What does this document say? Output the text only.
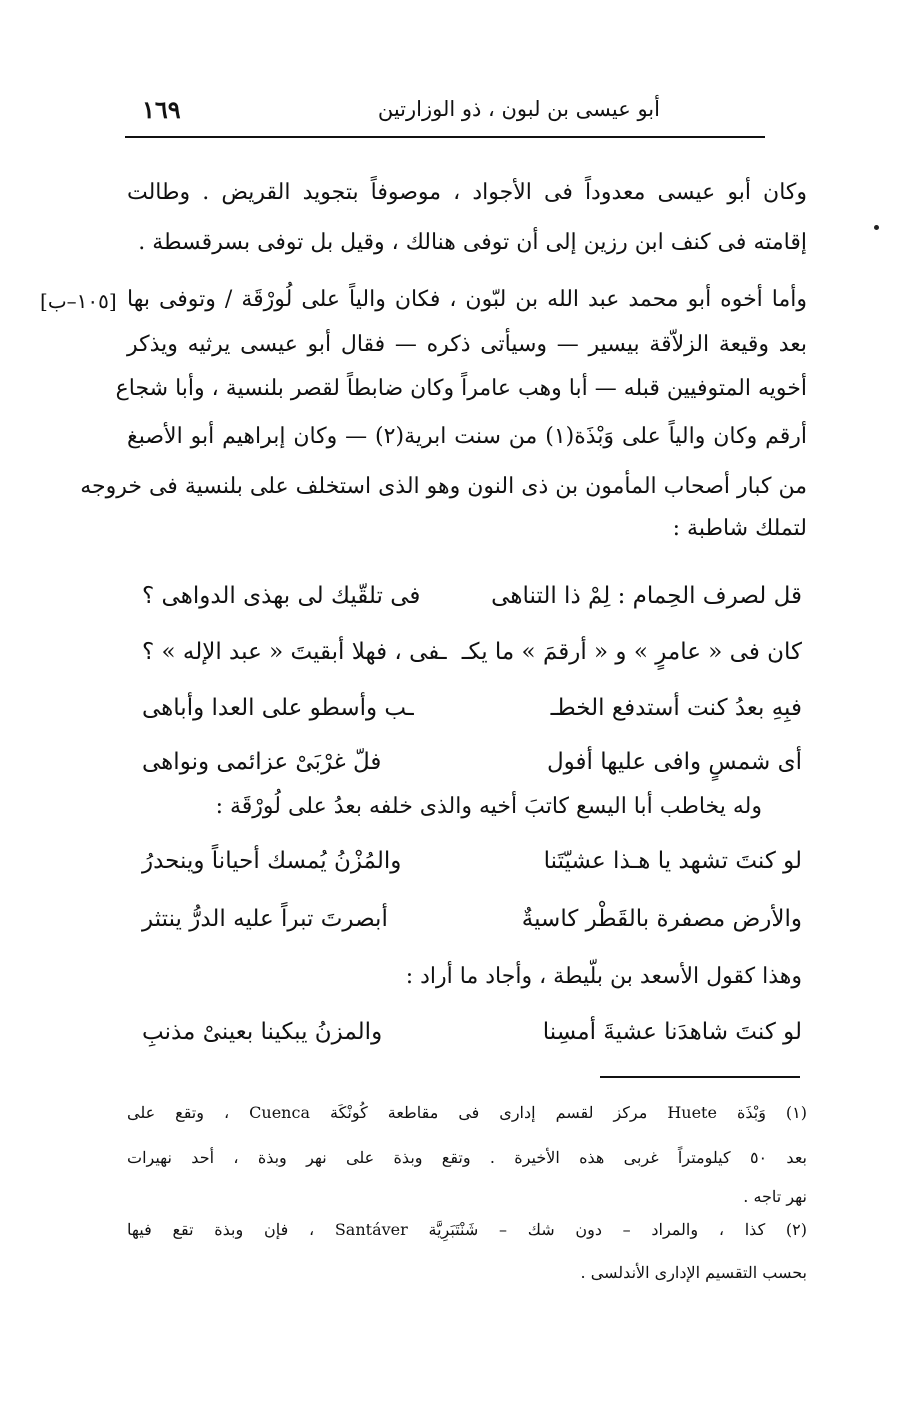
أبو عيسى بن لبون ، ذو الوزارتين
١٦٩
وكان أبو عيسى معدوداً فى الأجواد ، موصوفاً بتجويد القريض . وطالت
إقامته فى كنف ابن رزين إلى أن توفى هنالك ، وقيل بل توفى بسرقسطة .
وأما أخوه أبو محمد عبد الله بن لبّون ، فكان والياً على لُورْقَة / وتوفى بها
[١٠٥–ب]
بعد وقيعة الزلاّقة بيسير — وسيأتى ذكره — فقال أبو عيسى يرثيه ويذكر
أخويه المتوفيين قبله — أبا وهب عامراً وكان ضابطاً لقصر بلنسية ، وأبا شجاع
أرقم وكان والياً على وَبْذَة(١) من سنت ابرية(٢) — وكان إبراهيم أبو الأصبغ
من كبار أصحاب المأمون بن ذى النون وهو الذى استخلف على بلنسية فى خروجه
لتملك شاطبة :
قل لصرف الحِمام : لِمْ ذا التناهى
فى تلقّيك لى بهذى الدواهى ؟
كان فى « عامرٍ » و « أرقمَ » ما يكـ
ـفى ، فهلا أبقيتَ « عبد الإله » ؟
فبِهِ بعدُ كنت أستدفع الخطـ
ـب وأسطو على العدا وأباهى
أى شمسٍ وافى عليها أفول
فلّ غرْبَىْ عزائمى ونواهى
وله يخاطب أبا اليسع كاتبَ أخيه والذى خلفه بعدُ على لُورْقَة :
لو كنتَ تشهد يا هـذا عشيّتَنا
والمُزْنُ يُمسك أحياناً وينحدرُ
والأرض مصفرة بالقَطْر كاسيةٌ
أبصرتَ تبراً عليه الدرُّ ينتثر
وهذا كقول الأسعد بن بلّيطة ، وأجاد ما أراد :
لو كنتَ شاهدَنا عشيةَ أمسِنا
والمزنُ يبكينا بعينىْ مذنبِ
(١) وَبْذَة Huete مركز لقسم إدارى فى مقاطعة كُونْكَة Cuenca ، وتقع على
بعد ٥٠ كيلومتراً غربى هذه الأخيرة . وتقع وبذة على نهر وبذة ، أحد نهيرات
نهر تاجه .
(٢) كذا ، والمراد – دون شك – شَنْتَبَرِيَّة Santáver ، فإن وبذة تقع فيها
بحسب التقسيم الإدارى الأندلسى .
